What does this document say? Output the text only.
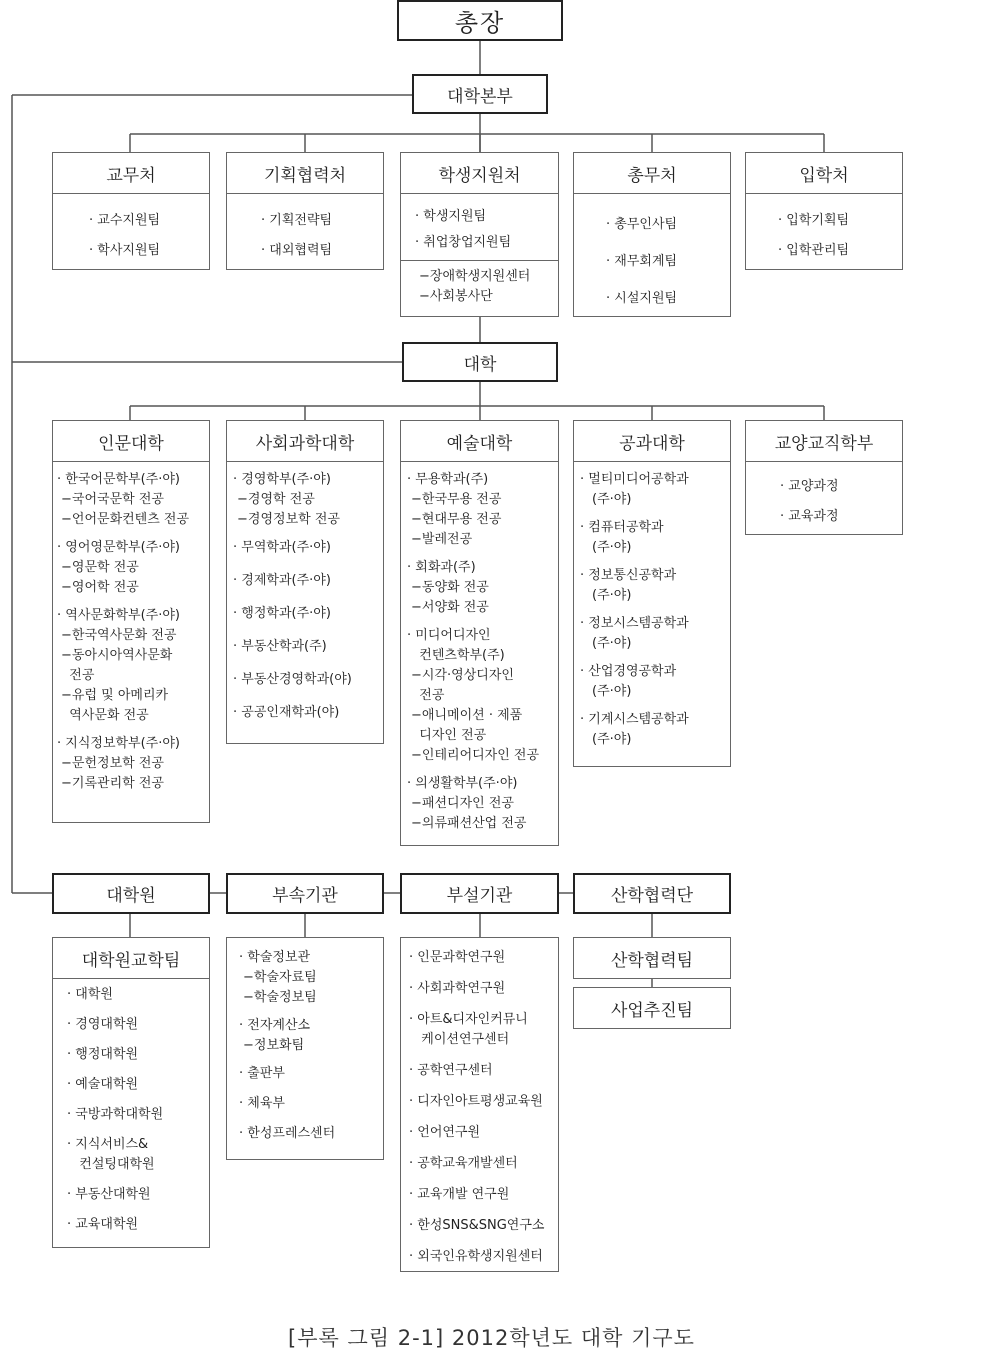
총장
대학본부
교무처
· 교수지원팀
· 학사지원팀
기획협력처
· 기획전략팀
· 대외협력팀
학생지원처
· 학생지원팀
· 취업창업지원팀
−장애학생지원센터
−사회봉사단
총무처
· 총무인사팀
· 재무회계팀
· 시설지원팀
입학처
· 입학기획팀
· 입학관리팀
대학
인문대학
· 한국어문학부(주·야)
−국어국문학 전공
−언어문화컨텐츠 전공
· 영어영문학부(주·야)
−영문학 전공
−영어학 전공
· 역사문화학부(주·야)
−한국역사문화 전공
−동아시아역사문화
전공
−유럽 및 아메리카
역사문화 전공
· 지식정보학부(주·야)
−문헌정보학 전공
−기록관리학 전공
사회과학대학
· 경영학부(주·야)
−경영학 전공
−경영정보학 전공
· 무역학과(주·야)
· 경제학과(주·야)
· 행정학과(주·야)
· 부동산학과(주)
· 부동산경영학과(야)
· 공공인재학과(야)
예술대학
· 무용학과(주)
−한국무용 전공
−현대무용 전공
−발레전공
· 회화과(주)
−동양화 전공
−서양화 전공
· 미디어디자인
컨텐츠학부(주)
−시각·영상디자인
전공
−애니메이션 · 제품
디자인 전공
−인테리어디자인 전공
· 의생활학부(주·야)
−패션디자인 전공
−의류패션산업 전공
공과대학
· 멀티미디어공학과
(주·야)
· 컴퓨터공학과
(주·야)
· 정보통신공학과
(주·야)
· 정보시스템공학과
(주·야)
· 산업경영공학과
(주·야)
· 기계시스템공학과
(주·야)
교양교직학부
· 교양과정
· 교육과정
대학원	부속기관	부설기관	산학협력단
대학원교학팀
· 대학원
· 경영대학원
· 행정대학원
· 예술대학원
· 국방과학대학원
· 지식서비스&
컨설팅대학원
· 부동산대학원
· 교육대학원
· 학술정보관
−학술자료팀
−학술정보팀
· 전자계산소
−정보화팀
· 출판부
· 체육부
· 한성프레스센터
· 인문과학연구원
· 사회과학연구원
· 아트&디자인커뮤니
케이션연구센터
· 공학연구센터
· 디자인아트평생교육원
· 언어연구원
· 공학교육개발센터
· 교육개발 연구원
· 한성SNS&SNG연구소
· 외국인유학생지원센터
산학협력팀
사업추진팀
[부록 그림 2-1] 2012학년도 대학 기구도
